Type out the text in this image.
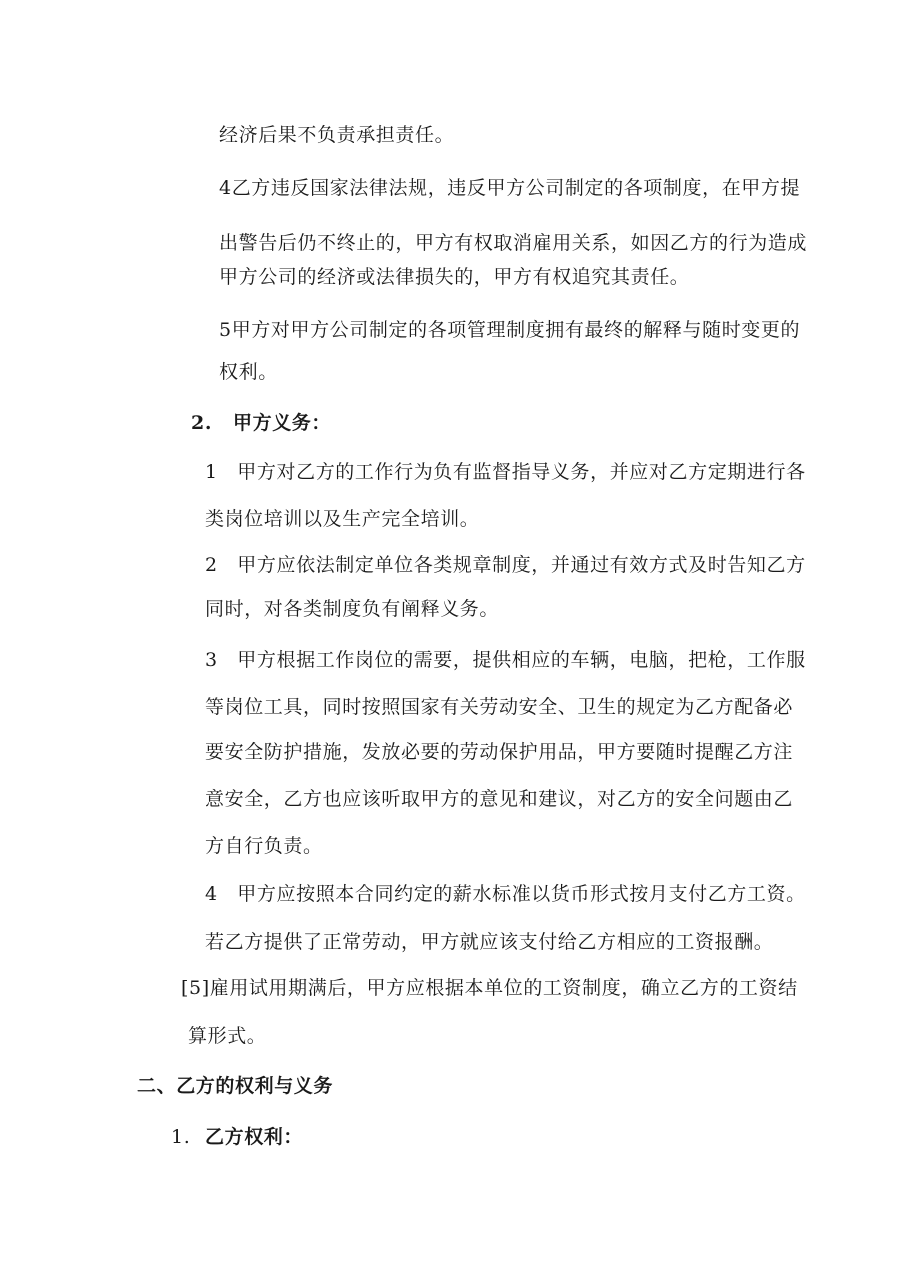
经济后果不负责承担责任。
4乙方违反国家法律法规，违反甲方公司制定的各项制度，在甲方提
出警告后仍不终止的，甲方有权取消雇用关系，如因乙方的行为造成
甲方公司的经济或法律损失的，甲方有权追究其责任。
5甲方对甲方公司制定的各项管理制度拥有最终的解释与随时变更的
权利。
2. 甲方义务：
1　甲方对乙方的工作行为负有监督指导义务，并应对乙方定期进行各
类岗位培训以及生产完全培训。
2　甲方应依法制定单位各类规章制度，并通过有效方式及时告知乙方
同时，对各类制度负有阐释义务。
3　甲方根据工作岗位的需要，提供相应的车辆，电脑，把枪，工作服
等岗位工具，同时按照国家有关劳动安全、卫生的规定为乙方配备必
要安全防护措施，发放必要的劳动保护用品，甲方要随时提醒乙方注
意安全，乙方也应该听取甲方的意见和建议，对乙方的安全问题由乙
方自行负责。
4　甲方应按照本合同约定的薪水标准以货币形式按月支付乙方工资。
若乙方提供了正常劳动，甲方就应该支付给乙方相应的工资报酬。
[5]雇用试用期满后，甲方应根据本单位的工资制度，确立乙方的工资结
算形式。
二、乙方的权利与义务
1. 乙方权利：
